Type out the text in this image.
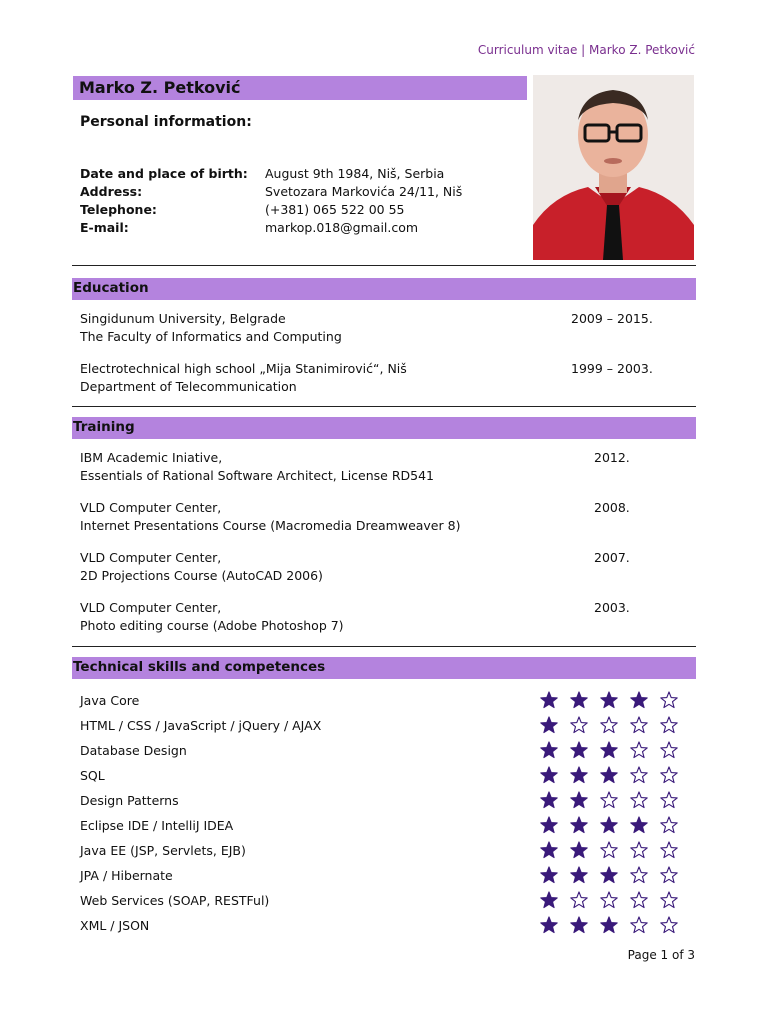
Curriculum vitae | Marko Z. Petković
Marko Z. Petković
Personal information:
Date and place of birth: August 9th 1984, Niš, Serbia
Address:	Svetozara Markovića 24/11, Niš
Telephone:	(+381) 065 522 00 55
E-mail:	markop.018@gmail.com
Education
Singidunum University, Belgrade
The Faculty of Informatics and Computing
2009 – 2015.
Electrotechnical high school „Mija Stanimirović“, Niš
Department of Telecommunication
1999 – 2003.
Training
IBM Academic Iniative,
Essentials of Rational Software Architect, License RD541
2012.
VLD Computer Center,
Internet Presentations Course (Macromedia Dreamweaver 8)
2008.
VLD Computer Center,
2D Projections Course (AutoCAD 2006)
2007.
VLD Computer Center,
Photo editing course (Adobe Photoshop 7)
2003.
Technical skills and competences
Java Core
HTML / CSS / JavaScript / jQuery / AJAX
Database Design
SQL
Design Patterns
Eclipse IDE / IntelliJ IDEA
Java EE (JSP, Servlets, EJB)
JPA / Hibernate
Web Services (SOAP, RESTFul)
XML / JSON
Page 1 of 3
